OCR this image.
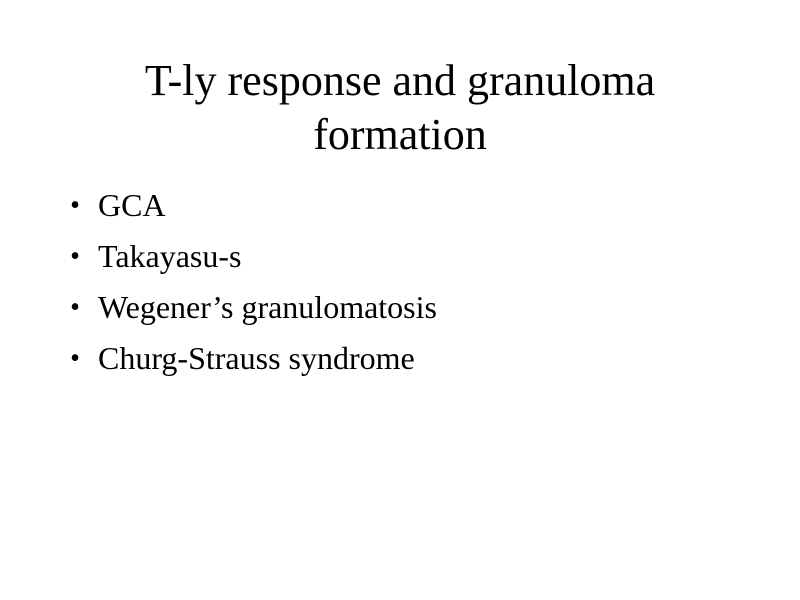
T-ly response and granuloma
formation
• GCA
• Takayasu-s
• Wegener’s granulomatosis
• Churg-Strauss syndrome
